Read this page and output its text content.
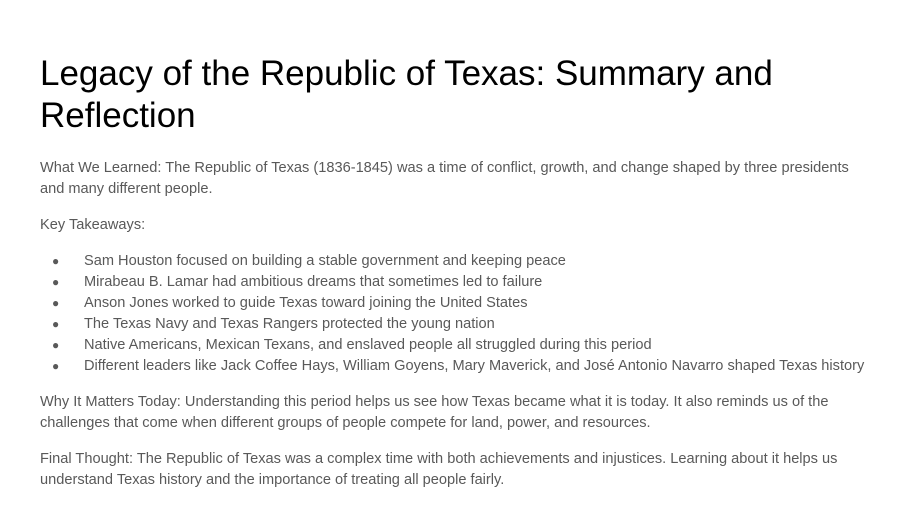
Legacy of the Republic of Texas: Summary and Reflection

What We Learned: The Republic of Texas (1836-1845) was a time of conflict, growth, and change shaped by three presidents and many different people.

Key Takeaways:

● Sam Houston focused on building a stable government and keeping peace
● Mirabeau B. Lamar had ambitious dreams that sometimes led to failure
● Anson Jones worked to guide Texas toward joining the United States
● The Texas Navy and Texas Rangers protected the young nation
● Native Americans, Mexican Texans, and enslaved people all struggled during this period
● Different leaders like Jack Coffee Hays, William Goyens, Mary Maverick, and José Antonio Navarro shaped Texas history

Why It Matters Today: Understanding this period helps us see how Texas became what it is today. It also reminds us of the challenges that come when different groups of people compete for land, power, and resources.

Final Thought: The Republic of Texas was a complex time with both achievements and injustices. Learning about it helps us understand Texas history and the importance of treating all people fairly.
